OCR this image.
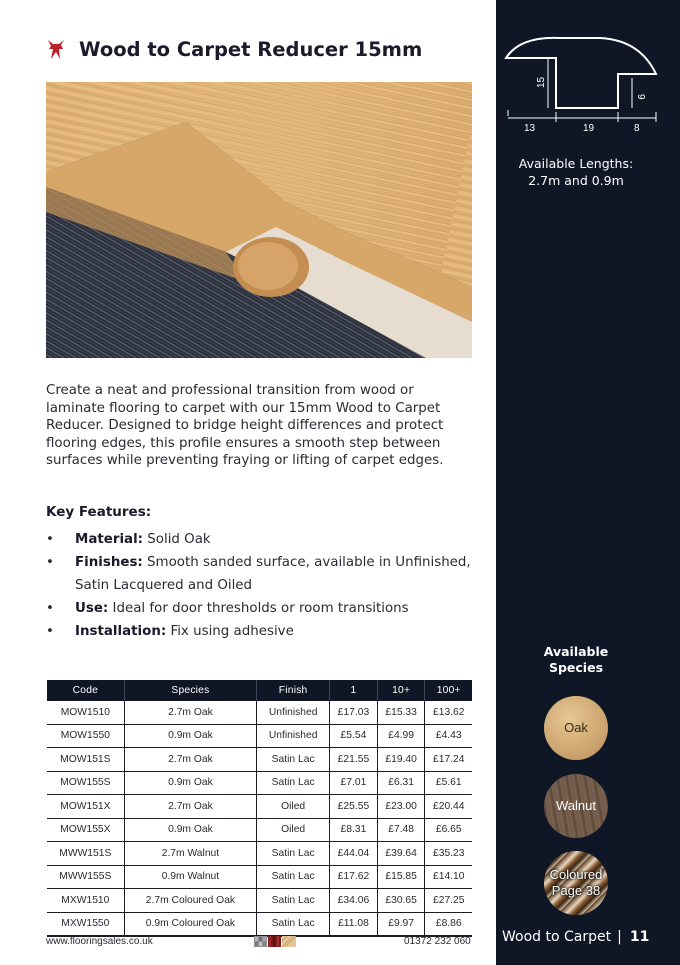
Wood to Carpet Reducer 15mm

Create a neat and professional transition from wood or laminate flooring to carpet with our 15mm Wood to Carpet Reducer. Designed to bridge height differences and protect flooring edges, this profile ensures a smooth step between surfaces while preventing fraying or lifting of carpet edges.

Key Features:
• Material: Solid Oak
• Finishes: Smooth sanded surface, available in Unfinished, Satin Lacquered and Oiled
• Use: Ideal for door thresholds or room transitions
• Installation: Fix using adhesive
Code	Species	Finish	1	10+	100+
MOW1510	2.7m Oak	Unfinished	£17.03	£15.33	£13.62
MOW1550	0.9m Oak	Unfinished	£5.54	£4.99	£4.43
MOW151S	2.7m Oak	Satin Lac	£21.55	£19.40	£17.24
MOW155S	0.9m Oak	Satin Lac	£7.01	£6.31	£5.61
MOW151X	2.7m Oak	Oiled	£25.55	£23.00	£20.44
MOW155X	0.9m Oak	Oiled	£8.31	£7.48	£6.65
MWW151S	2.7m Walnut	Satin Lac	£44.04	£39.64	£35.23
MWW155S	0.9m Walnut	Satin Lac	£17.62	£15.85	£14.10
MXW1510	2.7m Coloured Oak	Satin Lac	£34.06	£30.65	£27.25
MXW1550	0.9m Coloured Oak	Satin Lac	£11.08	£9.97	£8.86
www.flooringsales.co.uk	01372 232 060
15
9
13	19	8
Available Lengths:
2.7m and 0.9m
Available Species
Oak
Walnut
Coloured Page 38
Wood to Carpet | 11
